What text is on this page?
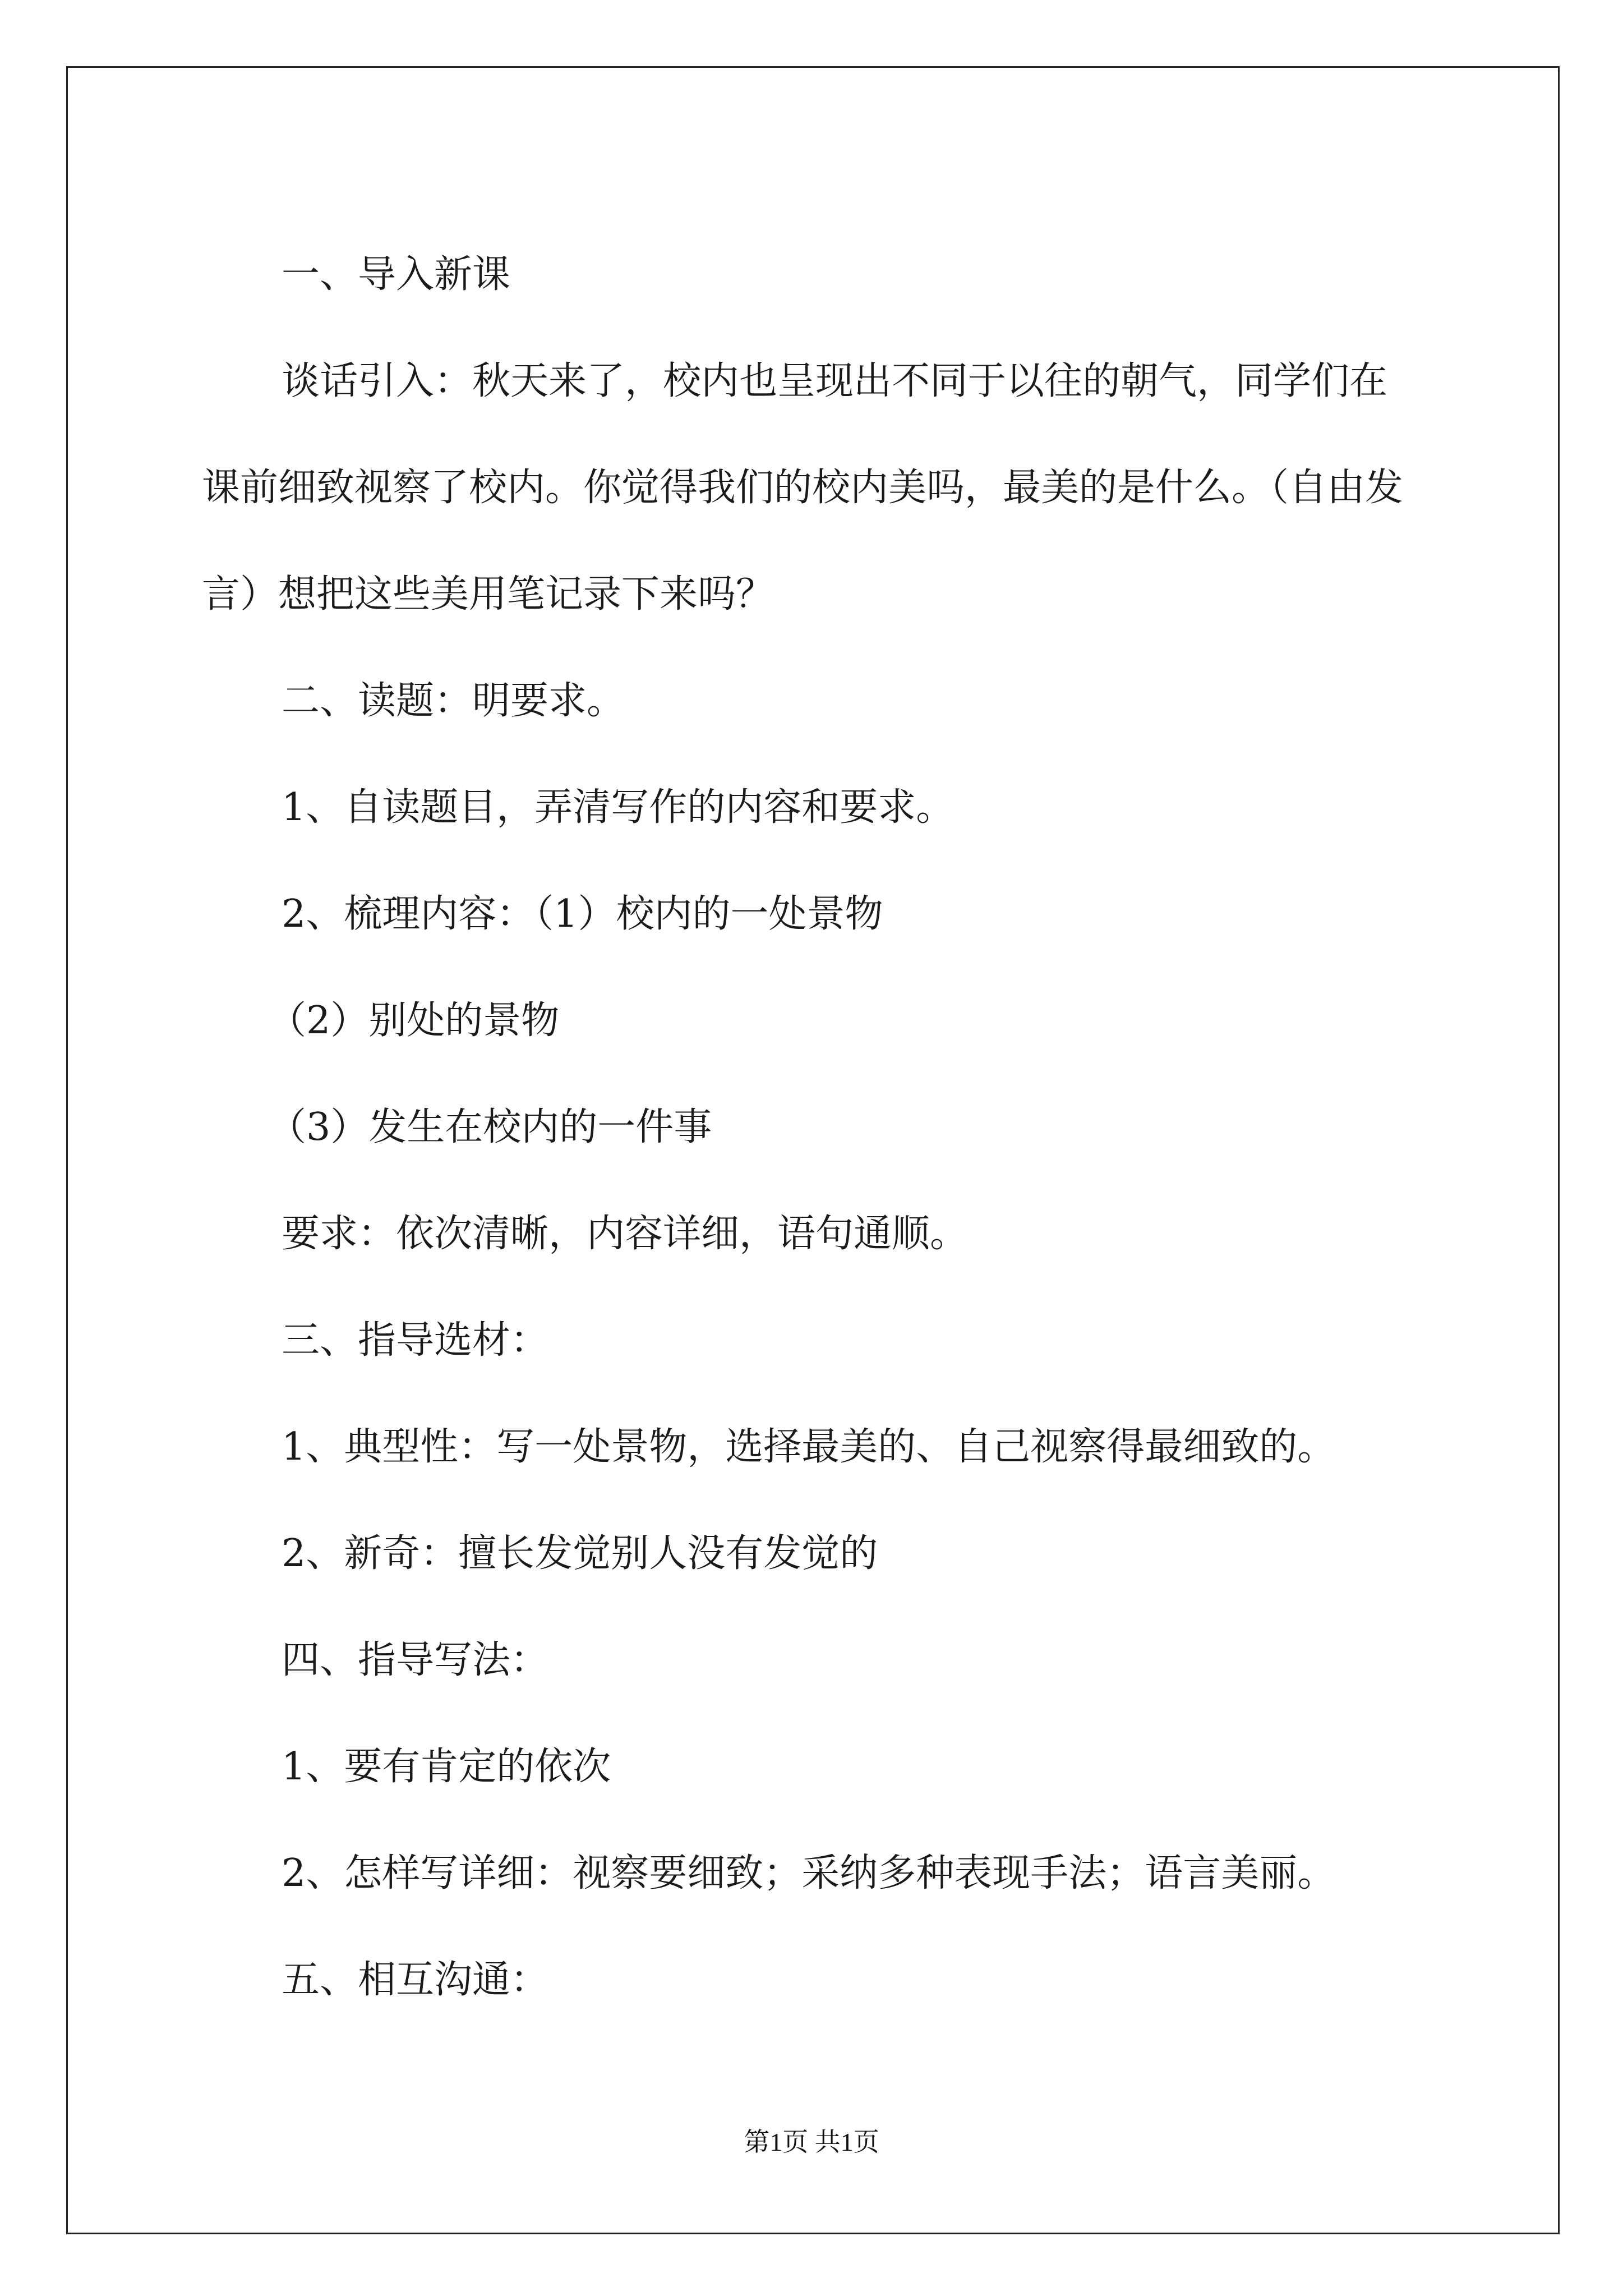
一、导入新课

谈话引入：秋天来了，校内也呈现出不同于以往的朝气，同学们在课前细致视察了校内。你觉得我们的校内美吗，最美的是什么。（自由发言）想把这些美用笔记录下来吗？

二、读题：明要求。

1、自读题目，弄清写作的内容和要求。

2、梳理内容：（1）校内的一处景物

（2）别处的景物

（3）发生在校内的一件事

要求：依次清晰，内容详细，语句通顺。

三、指导选材：

1、典型性：写一处景物，选择最美的、自己视察得最细致的。

2、新奇：擅长发觉别人没有发觉的

四、指导写法：

1、要有肯定的依次

2、怎样写详细：视察要细致；采纳多种表现手法；语言美丽。

五、相互沟通：

第1页 共1页
